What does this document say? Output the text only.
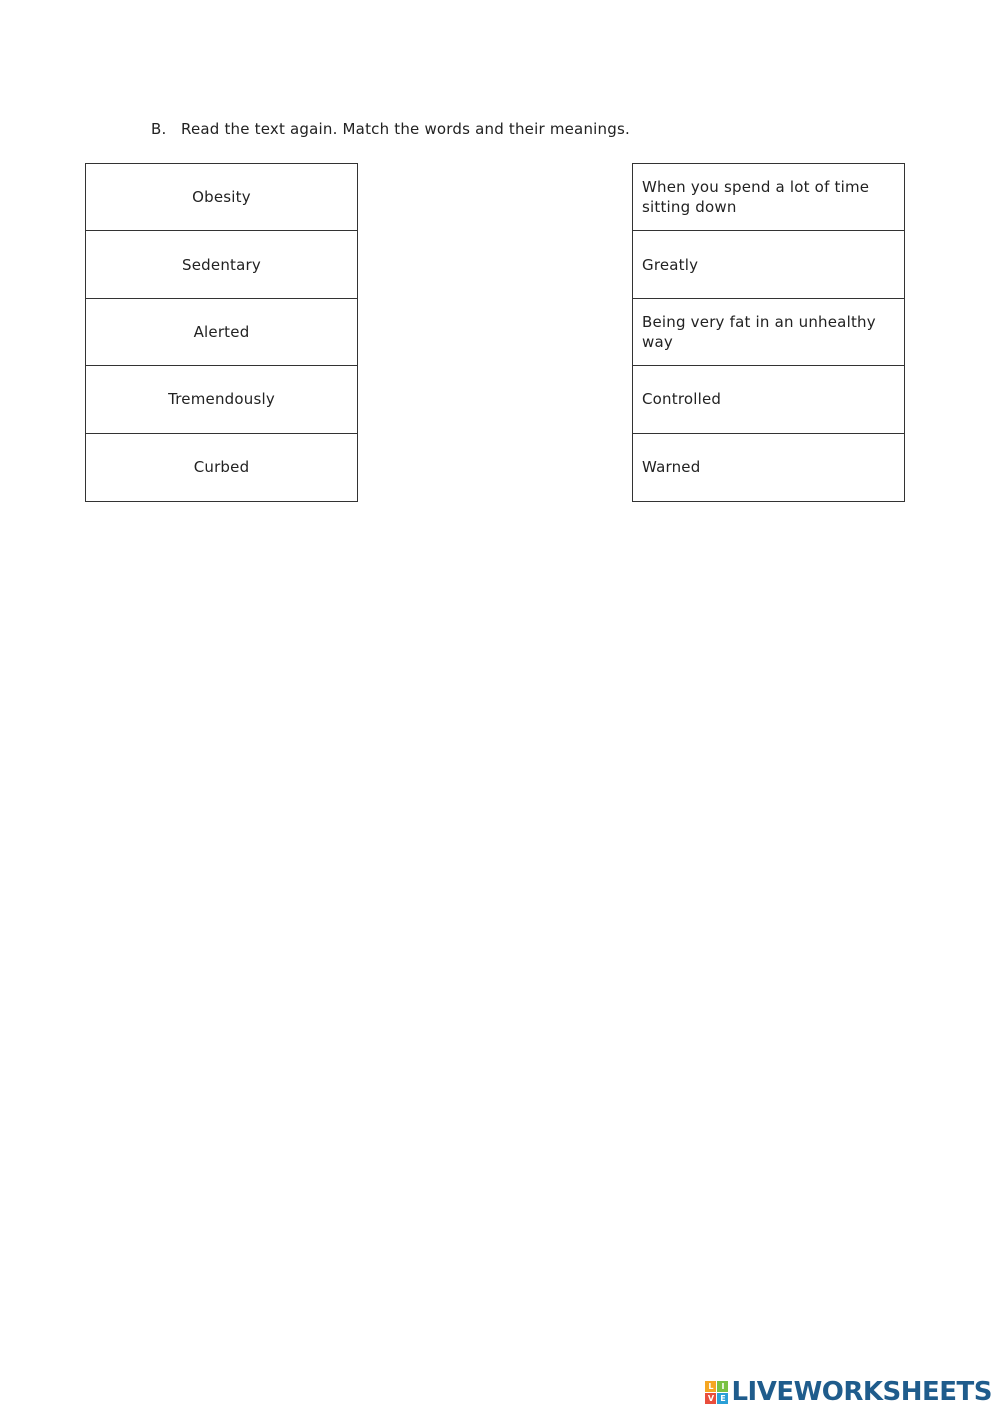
B. Read the text again. Match the words and their meanings.
Obesity
Sedentary
Alerted
Tremendously
Curbed
When you spend a lot of time sitting down
Greatly
Being very fat in an unhealthy way
Controlled
Warned
L I
V E LIVEWORKSHEETS
